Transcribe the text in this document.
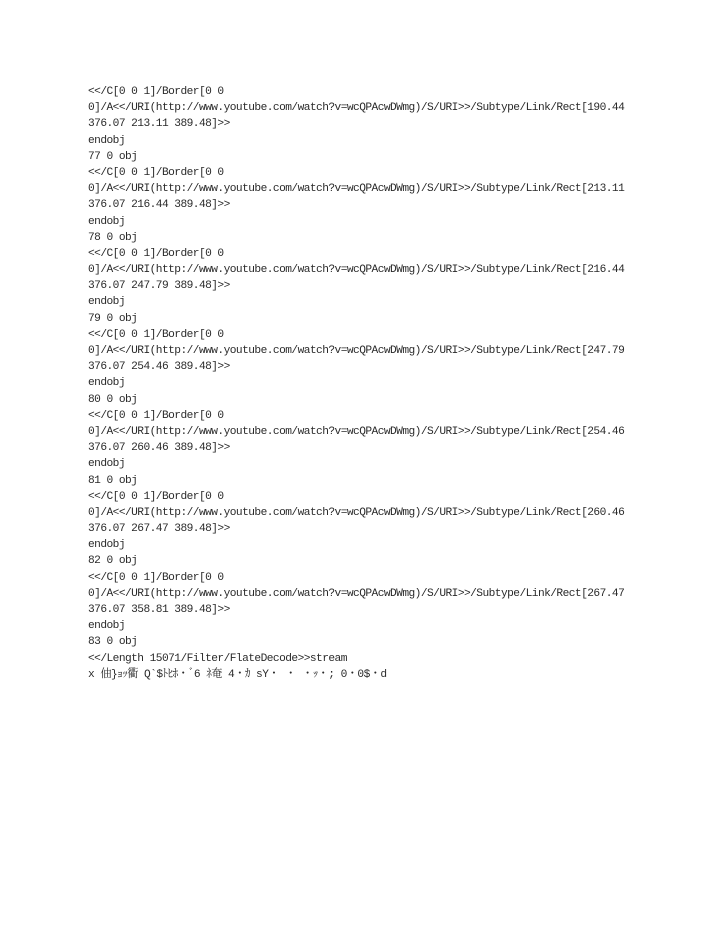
<</C[0 0 1]/Border[0 0
0]/A<</URI(http://www.youtube.com/watch?v=wcQPAcwDWmg)/S/URI>>/Subtype/Link/Rect[190.44
376.07 213.11 389.48]>>
endobj
77 0 obj
<</C[0 0 1]/Border[0 0
0]/A<</URI(http://www.youtube.com/watch?v=wcQPAcwDWmg)/S/URI>>/Subtype/Link/Rect[213.11
376.07 216.44 389.48]>>
endobj
78 0 obj
<</C[0 0 1]/Border[0 0
0]/A<</URI(http://www.youtube.com/watch?v=wcQPAcwDWmg)/S/URI>>/Subtype/Link/Rect[216.44
376.07 247.79 389.48]>>
endobj
79 0 obj
<</C[0 0 1]/Border[0 0
0]/A<</URI(http://www.youtube.com/watch?v=wcQPAcwDWmg)/S/URI>>/Subtype/Link/Rect[247.79
376.07 254.46 389.48]>>
endobj
80 0 obj
<</C[0 0 1]/Border[0 0
0]/A<</URI(http://www.youtube.com/watch?v=wcQPAcwDWmg)/S/URI>>/Subtype/Link/Rect[254.46
376.07 260.46 389.48]>>
endobj
81 0 obj
<</C[0 0 1]/Border[0 0
0]/A<</URI(http://www.youtube.com/watch?v=wcQPAcwDWmg)/S/URI>>/Subtype/Link/Rect[260.46
376.07 267.47 389.48]>>
endobj
82 0 obj
<</C[0 0 1]/Border[0 0
0]/A<</URI(http://www.youtube.com/watch?v=wcQPAcwDWmg)/S/URI>>/Subtype/Link/Rect[267.47
376.07 358.81 389.48]>>
endobj
83 0 obj
<</Length 15071/Filter/FlateDecode>>stream
x 伷}ｮｯ衢 Q`$ﾄﾋﾎ・ﾞ6 ﾈ奄 4・ｶ sY・ ・ ・ｯ・; 0・0$・d
